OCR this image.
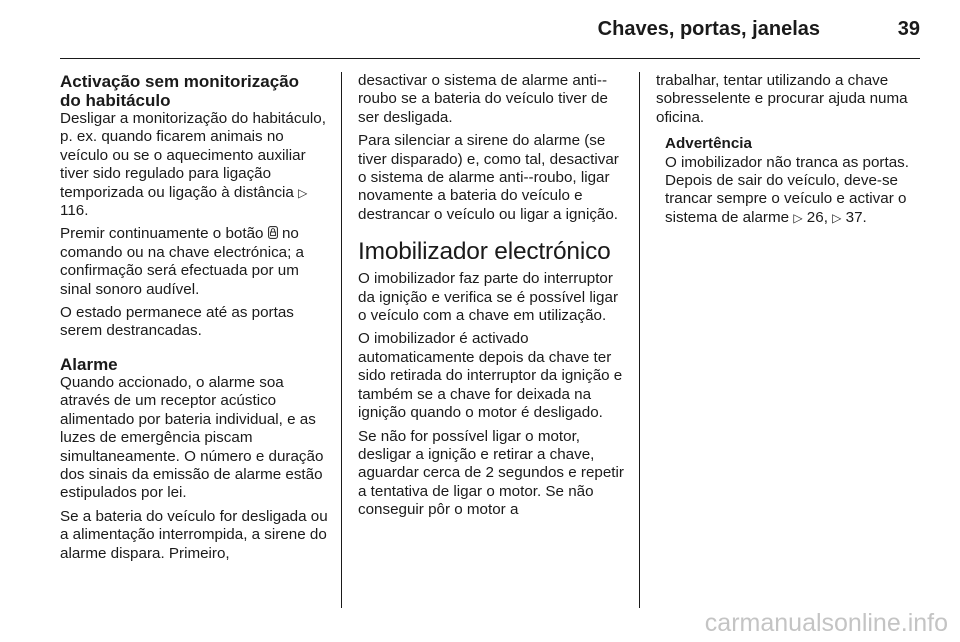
Chaves, portas, janelas	39
Activação sem monitorização
do habitáculo

Desligar a monitorização do habitáculo, p. ex. quando ficarem animais no veículo ou se o aquecimento auxiliar tiver sido regulado para ligação temporizada ou ligação à distância ▷ 116.

Premir continuamente o botão no comando ou na chave electrónica; a confirmação será efectuada por um sinal sonoro audível.

O estado permanece até as portas serem destrancadas.

Alarme

Quando accionado, o alarme soa através de um receptor acústico alimentado por bateria individual, e as luzes de emergência piscam simultaneamente. O número e duração dos sinais da emissão de alarme estão estipulados por lei.

Se a bateria do veículo for desligada ou a alimentação interrompida, a sirene do alarme dispara. Primeiro,

desactivar o sistema de alarme anti--roubo se a bateria do veículo tiver de ser desligada.

Para silenciar a sirene do alarme (se tiver disparado) e, como tal, desactivar o sistema de alarme anti--roubo, ligar novamente a bateria do veículo e destrancar o veículo ou ligar a ignição.

Imobilizador electrónico

O imobilizador faz parte do interruptor da ignição e verifica se é possível ligar o veículo com a chave em utilização.

O imobilizador é activado automaticamente depois da chave ter sido retirada do interruptor da ignição e também se a chave for deixada na ignição quando o motor é desligado.

Se não for possível ligar o motor, desligar a ignição e retirar a chave, aguardar cerca de 2 segundos e repetir a tentativa de ligar o motor. Se não conseguir pôr o motor a

trabalhar, tentar utilizando a chave sobresselente e procurar ajuda numa oficina.

Advertência
O imobilizador não tranca as portas. Depois de sair do veículo, deve-se trancar sempre o veículo e activar o sistema de alarme ▷ 26, ▷ 37.
carmanualsonline.info
